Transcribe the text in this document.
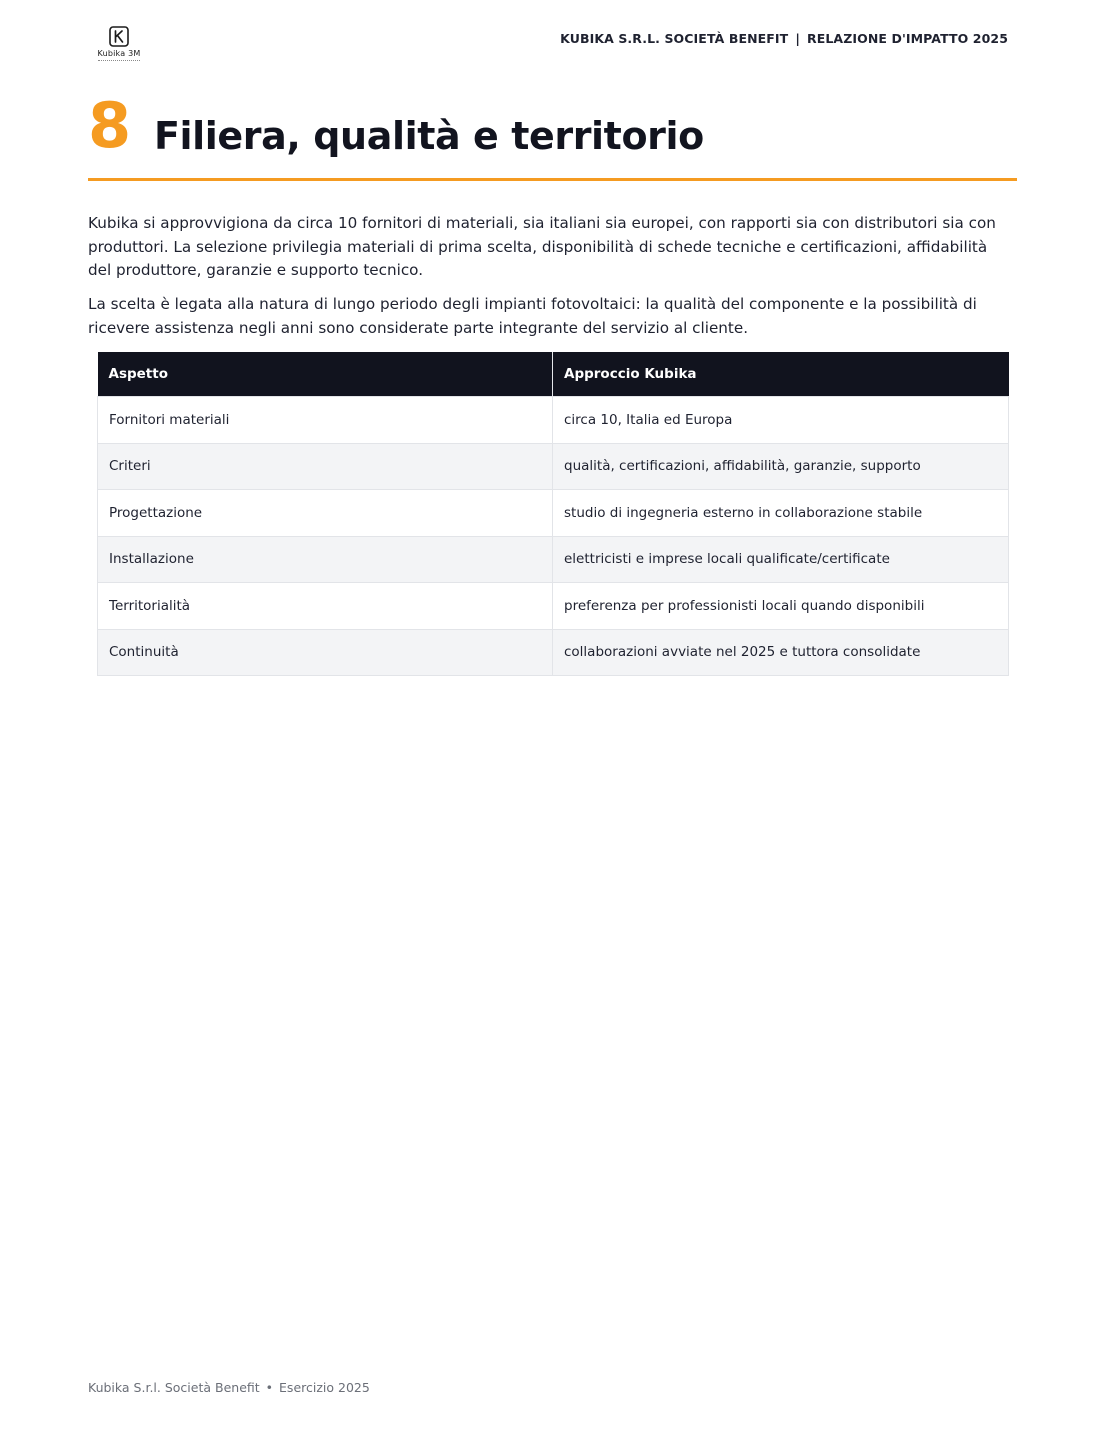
Kubika 3M
KUBIKA S.R.L. SOCIETÀ BENEFIT | RELAZIONE D'IMPATTO 2025
8 Filiera, qualità e territorio

Kubika si approvvigiona da circa 10 fornitori di materiali, sia italiani sia europei, con rapporti sia con distributori sia con produttori. La selezione privilegia materiali di prima scelta, disponibilità di schede tecniche e certificazioni, affidabilità del produttore, garanzie e supporto tecnico.

La scelta è legata alla natura di lungo periodo degli impianti fotovoltaici: la qualità del componente e la possibilità di ricevere assistenza negli anni sono considerate parte integrante del servizio al cliente.

Aspetto	Approccio Kubika
Fornitori materiali	circa 10, Italia ed Europa
Criteri	qualità, certificazioni, affidabilità, garanzie, supporto
Progettazione	studio di ingegneria esterno in collaborazione stabile
Installazione	elettricisti e imprese locali qualificate/certificate
Territorialità	preferenza per professionisti locali quando disponibili
Continuità	collaborazioni avviate nel 2025 e tuttora consolidate
Kubika S.r.l. Società Benefit • Esercizio 2025
